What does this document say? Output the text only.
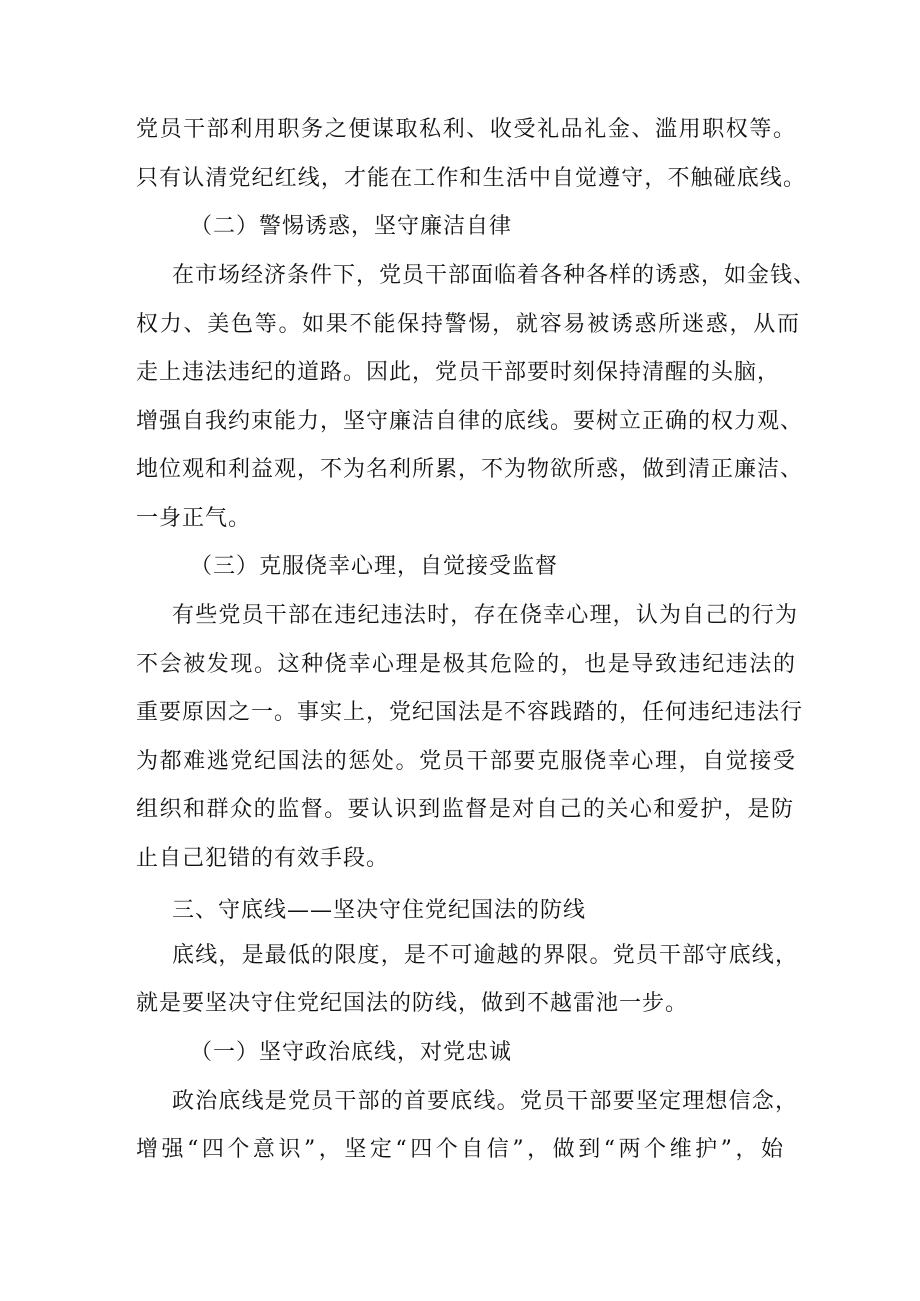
党员干部利用职务之便谋取私利、收受礼品礼金、滥用职权等。
只有认清党纪红线，才能在工作和生活中自觉遵守，不触碰底线。
（二）警惕诱惑，坚守廉洁自律
在市场经济条件下，党员干部面临着各种各样的诱惑，如金钱、
权力、美色等。如果不能保持警惕，就容易被诱惑所迷惑，从而
走上违法违纪的道路。因此，党员干部要时刻保持清醒的头脑，
增强自我约束能力，坚守廉洁自律的底线。要树立正确的权力观、
地位观和利益观，不为名利所累，不为物欲所惑，做到清正廉洁、
一身正气。
（三）克服侥幸心理，自觉接受监督
有些党员干部在违纪违法时，存在侥幸心理，认为自己的行为
不会被发现。这种侥幸心理是极其危险的，也是导致违纪违法的
重要原因之一。事实上，党纪国法是不容践踏的，任何违纪违法行
为都难逃党纪国法的惩处。党员干部要克服侥幸心理，自觉接受
组织和群众的监督。要认识到监督是对自己的关心和爱护，是防
止自己犯错的有效手段。
三、守底线——坚决守住党纪国法的防线
底线，是最低的限度，是不可逾越的界限。党员干部守底线，
就是要坚决守住党纪国法的防线，做到不越雷池一步。
（一）坚守政治底线，对党忠诚
政治底线是党员干部的首要底线。党员干部要坚定理想信念，
增强“四个意识”，坚定“四个自信”，做到“两个维护”，始
